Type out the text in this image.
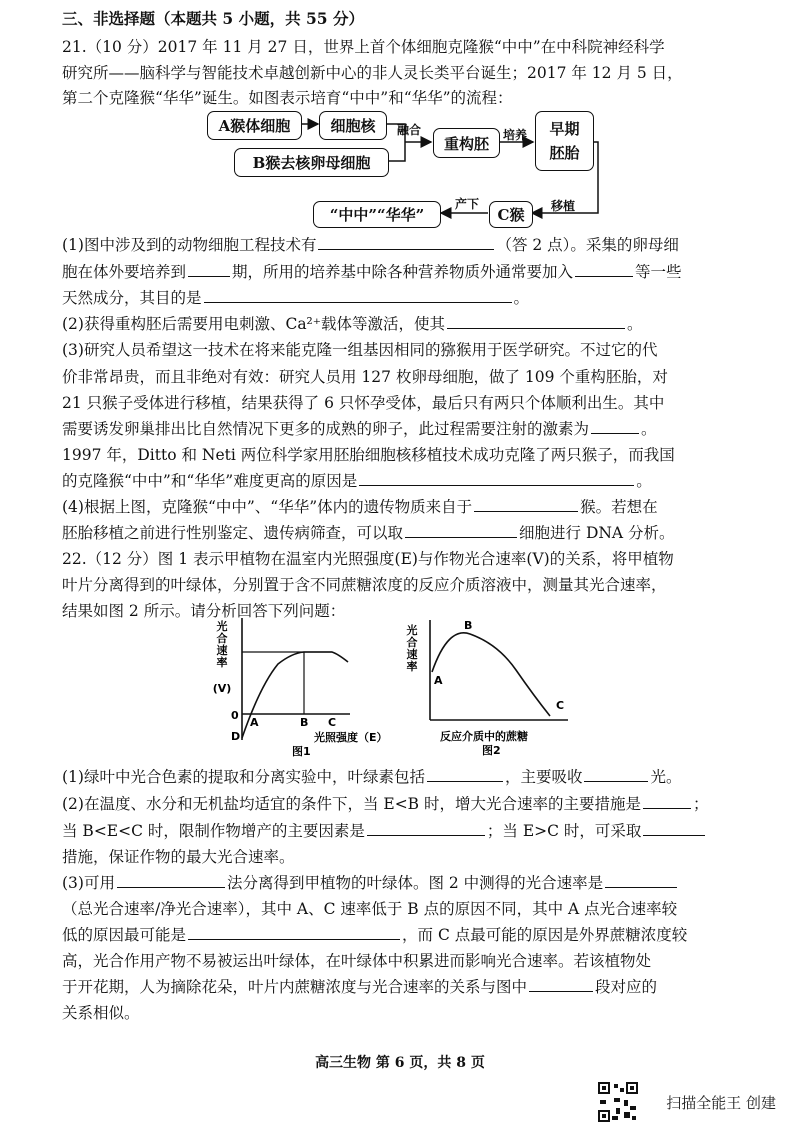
三、非选择题（本题共 5 小题，共 55 分）
21.（10 分）2017 年 11 月 27 日，世界上首个体细胞克隆猴“中中”在中科院神经科学
研究所——脑科学与智能技术卓越创新中心的非人灵长类平台诞生；2017 年 12 月 5 日，
第二个克隆猴“华华”诞生。如图表示培育“中中”和“华华”的流程：
A猴体细胞	细胞核
B猴去核卵母细胞
重构胚
早期
胚胎
C猴
“中中”“华华”
融合	培养
移植
产下
(1)图中涉及到的动物细胞工程技术有	（答 2 点）。采集的卵母细
胞在体外要培养到	期，所用的培养基中除各种营养物质外通常要加入	等一些
天然成分，其目的是	。
(2)获得重构胚后需要用电刺激、Ca²⁺载体等激活，使其	。
(3)研究人员希望这一技术在将来能克隆一组基因相同的猕猴用于医学研究。不过它的代
价非常昂贵，而且非绝对有效：研究人员用 127 枚卵母细胞，做了 109 个重构胚胎，对
21 只猴子受体进行移植，结果获得了 6 只怀孕受体，最后只有两只个体顺利出生。其中
需要诱发卵巢排出比自然情况下更多的成熟的卵子，此过程需要注射的激素为	。
1997 年，Ditto 和 Neti 两位科学家用胚胎细胞核移植技术成功克隆了两只猴子，而我国
的克隆猴“中中”和“华华”难度更高的原因是	。
(4)根据上图，克隆猴“中中”、“华华”体内的遗传物质来自于	猴。若想在
胚胎移植之前进行性别鉴定、遗传病筛查，可以取	细胞进行 DNA 分析。
22.（12 分）图 1 表示甲植物在温室内光照强度(E)与作物光合速率(V)的关系，将甲植物
叶片分离得到的叶绿体，分别置于含不同蔗糖浓度的反应介质溶液中，测量其光合速率，
结果如图 2 所示。请分析回答下列问题：
光合速率
(V)
0
A	B C
D	光照强度（E）
图1
光合速率
A
B
C
反应介质中的蔗糖
图2
(1)绿叶中光合色素的提取和分离实验中，叶绿素包括	，主要吸收	光。
(2)在温度、水分和无机盐均适宜的条件下，当 E<B 时，增大光合速率的主要措施是	；
当 B<E<C 时，限制作物增产的主要因素是	；当 E>C 时，可采取
措施，保证作物的最大光合速率。
(3)可用	法分离得到甲植物的叶绿体。图 2 中测得的光合速率是
（总光合速率/净光合速率），其中 A、C 速率低于 B 点的原因不同，其中 A 点光合速率较
低的原因最可能是	，而 C 点最可能的原因是外界蔗糖浓度较
高，光合作用产物不易被运出叶绿体，在叶绿体中积累进而影响光合速率。若该植物处
于开花期，人为摘除花朵，叶片内蔗糖浓度与光合速率的关系与图中	段对应的
关系相似。
高三生物 第 6 页，共 8 页
扫描全能王 创建
